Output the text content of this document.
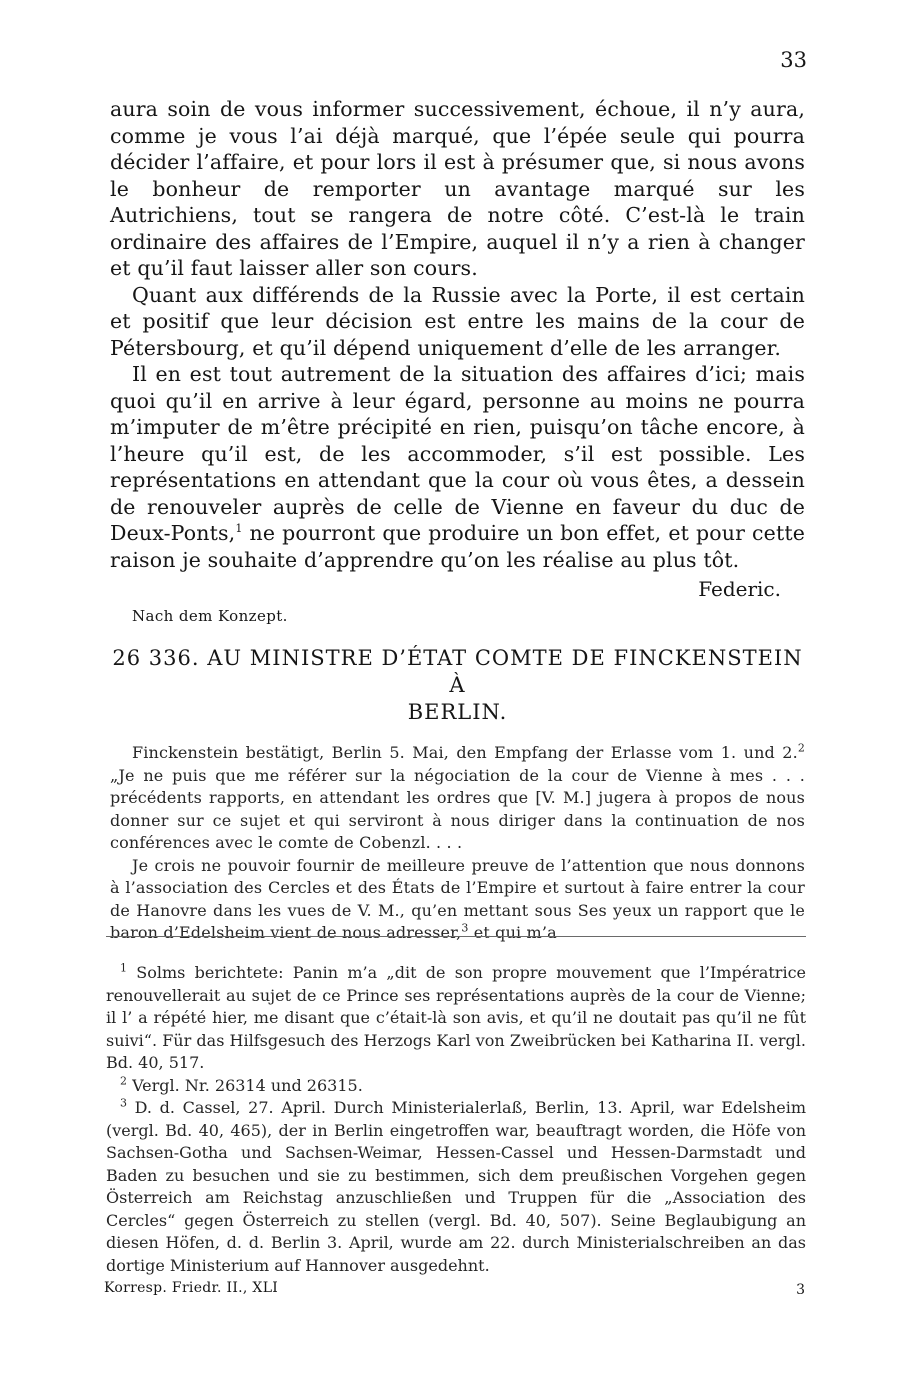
33

aura soin de vous informer successivement, échoue, il n’y aura, comme je vous l’ai déjà marqué, que l’épée seule qui pourra décider l’affaire, et pour lors il est à présumer que, si nous avons le bonheur de remporter un avantage marqué sur les Autrichiens, tout se rangera de notre côté. C’est-là le train ordinaire des affaires de l’Empire, auquel il n’y a rien à changer et qu’il faut laisser aller son cours.

Quant aux différends de la Russie avec la Porte, il est certain et positif que leur décision est entre les mains de la cour de Pétersbourg, et qu’il dépend uniquement d’elle de les arranger.

Il en est tout autrement de la situation des affaires d’ici; mais quoi qu’il en arrive à leur égard, personne au moins ne pourra m’imputer de m’être précipité en rien, puisqu’on tâche encore, à l’heure qu’il est, de les accommoder, s’il est possible. Les représentations en attendant que la cour où vous êtes, a dessein de renouveler auprès de celle de Vienne en faveur du duc de Deux-Ponts,$^1$ ne pourront que produire un bon effet, et pour cette raison je souhaite d’apprendre qu’on les réalise au plus tôt.

Federic.
Nach dem Konzept.
26 336. AU MINISTRE D’ÉTAT COMTE DE FINCKENSTEIN À
BERLIN.

Finckenstein bestätigt, Berlin 5. Mai, den Empfang der Erlasse vom 1. und 2.$^2$ „Je ne puis que me référer sur la négociation de la cour de Vienne à mes . . . précédents rapports, en attendant les ordres que [V. M.] jugera à propos de nous donner sur ce sujet et qui serviront à nous diriger dans la continuation de nos conférences avec le comte de Cobenzl. . . .

Je crois ne pouvoir fournir de meilleure preuve de l’attention que nous donnons à l’association des Cercles et des États de l’Empire et surtout à faire entrer la cour de Hanovre dans les vues de V. M., qu’en mettant sous Ses yeux un rapport que le baron d’Edelsheim vient de nous adresser,$^3$ et qui m’a

$^1$ Solms berichtete: Panin m’a „dit de son propre mouvement que l’Impératrice renouvellerait au sujet de ce Prince ses représentations auprès de la cour de Vienne; il l’ a répété hier, me disant que c’était-là son avis, et qu’il ne doutait pas qu’il ne fût suivi“. Für das Hilfsgesuch des Herzogs Karl von Zweibrücken bei Katharina II. vergl. Bd. 40, 517.

$^2$ Vergl. Nr. 26314 und 26315.

$^3$ D. d. Cassel, 27. April. Durch Ministerialerlaß, Berlin, 13. April, war Edelsheim (vergl. Bd. 40, 465), der in Berlin eingetroffen war, beauftragt worden, die Höfe von Sachsen-Gotha und Sachsen-Weimar, Hessen-Cassel und Hessen-Darmstadt und Baden zu besuchen und sie zu bestimmen, sich dem preußischen Vorgehen gegen Österreich am Reichstag anzuschließen und Truppen für die „Association des Cercles“ gegen Österreich zu stellen (vergl. Bd. 40, 507). Seine Beglaubigung an diesen Höfen, d. d. Berlin 3. April, wurde am 22. durch Ministerialschreiben an das dortige Ministerium auf Hannover ausgedehnt.

Korresp. Friedr. II., XLI	3
